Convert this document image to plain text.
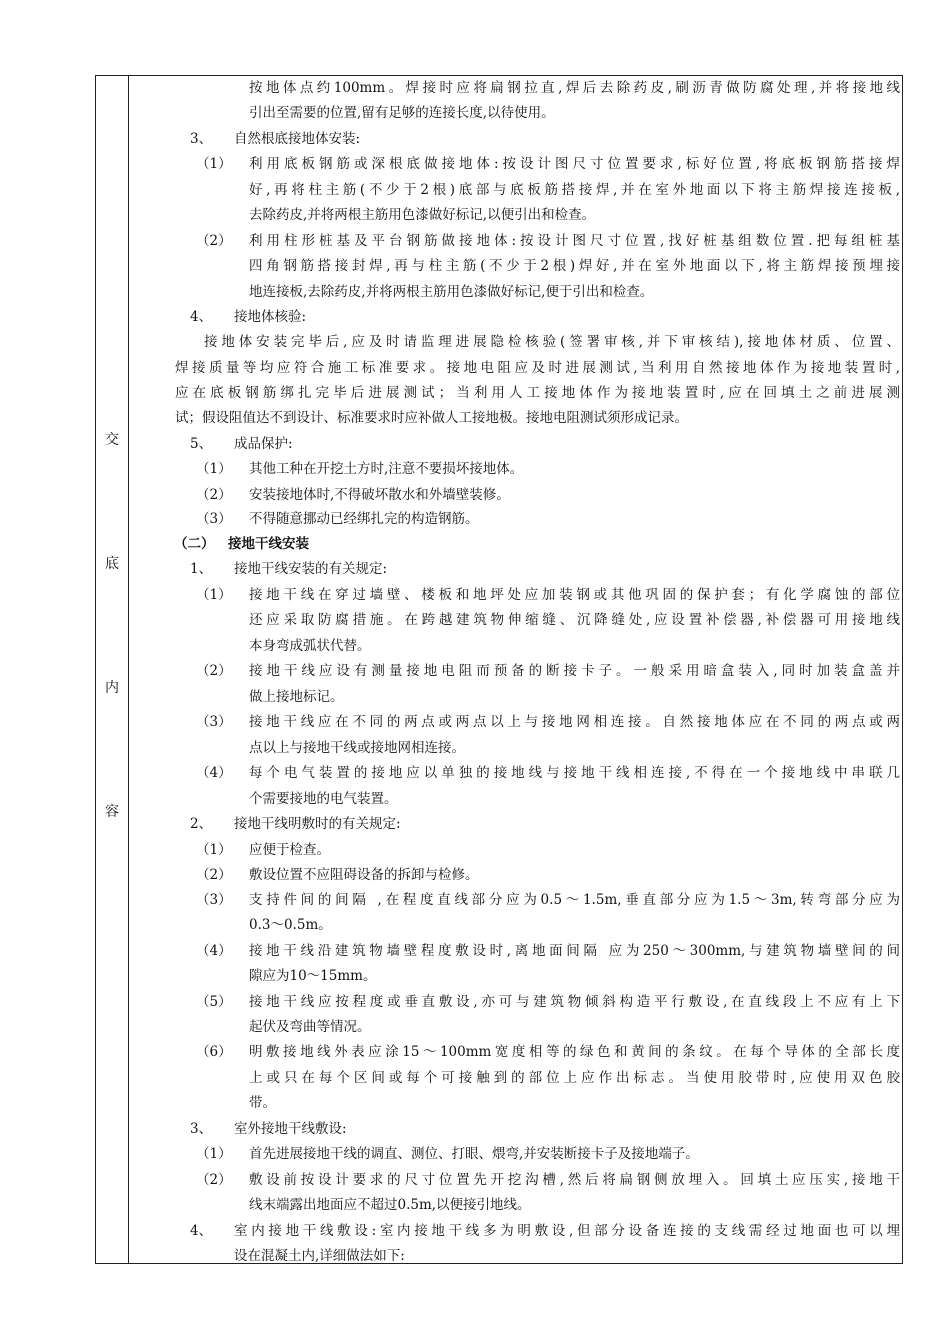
交
底
内
容
按地体点约100mm。焊接时应将扁钢拉直,焊后去除药皮,刷沥青做防腐处理,并将接地线
引出至需要的位置,留有足够的连接长度,以待使用。
3、 自然根底接地体安装:
（1） 利用底板钢筋或深根底做接地体:按设计图尺寸位置要求,标好位置,将底板钢筋搭接焊
好,再将柱主筋(不少于2根)底部与底板筋搭接焊,并在室外地面以下将主筋焊接连接板,
去除药皮,并将两根主筋用色漆做好标记,以便引出和检查。
（2） 利用柱形桩基及平台钢筋做接地体:按设计图尺寸位置,找好桩基组数位置.把每组桩基
四角钢筋搭接封焊,再与柱主筋(不少于2根)焊好,并在室外地面以下,将主筋焊接预埋接
地连接板,去除药皮,并将两根主筋用色漆做好标记,便于引出和检查。
4、 接地体核验:
接地体安装完毕后,应及时请监理进展隐检核验(签署审核,并下审核结),接地体材质、位置、
焊接质量等均应符合施工标准要求。接地电阻应及时进展测试,当利用自然接地体作为接地装置时,
应在底板钢筋绑扎完毕后进展测试；当利用人工接地体作为接地装置时,应在回填土之前进展测
试；假设阻值达不到设计、标准要求时应补做人工接地极。接地电阻测试须形成记录。
5、 成品保护:
（1） 其他工种在开挖土方时,注意不要损坏接地体。
（2） 安装接地体时,不得破坏散水和外墙壁装修。
（3） 不得随意挪动已经绑扎完的构造钢筋。
（二） 接地干线安装
1、 接地干线安装的有关规定:
（1） 接地干线在穿过墙壁、楼板和地坪处应加装钢或其他巩固的保护套；有化学腐蚀的部位
还应采取防腐措施。在跨越建筑物伸缩缝、沉降缝处,应设置补偿器,补偿器可用接地线
本身弯成弧状代替。
（2） 接地干线应设有测量接地电阻而预备的断接卡子。一般采用暗盒装入,同时加装盒盖并
做上接地标记。
（3） 接地干线应在不同的两点或两点以上与接地网相连接。自然接地体应在不同的两点或两
点以上与接地干线或接地网相连接。
（4） 每个电气装置的接地应以单独的接地线与接地干线相连接,不得在一个接地线中串联几
个需要接地的电气装置。
2、 接地干线明敷时的有关规定:
（1） 应便于检查。
（2） 敷设位置不应阻碍设备的拆卸与检修。
（3） 支持件间的间隔 ,在程度直线部分应为0.5～1.5m,垂直部分应为1.5～3m,转弯部分应为
0.3～0.5m。
（4） 接地干线沿建筑物墙壁程度敷设时,离地面间隔 应为250～300mm,与建筑物墙壁间的间
隙应为10～15mm。
（5） 接地干线应按程度或垂直敷设,亦可与建筑物倾斜构造平行敷设,在直线段上不应有上下
起伏及弯曲等情况。
（6） 明敷接地线外表应涂15～100mm宽度相等的绿色和黄间的条纹。在每个导体的全部长度
上或只在每个区间或每个可接触到的部位上应作出标志。当使用胶带时,应使用双色胶
带。
3、 室外接地干线敷设:
（1） 首先进展接地干线的调直、测位、打眼、煨弯,并安装断接卡子及接地端子。
（2） 敷设前按设计要求的尺寸位置先开挖沟槽,然后将扁钢侧放埋入。回填土应压实,接地干
线末端露出地面应不超过0.5m,以便接引地线。
4、 室内接地干线敷设:室内接地干线多为明敷设,但部分设备连接的支线需经过地面也可以埋
设在混凝土内,详细做法如下:
